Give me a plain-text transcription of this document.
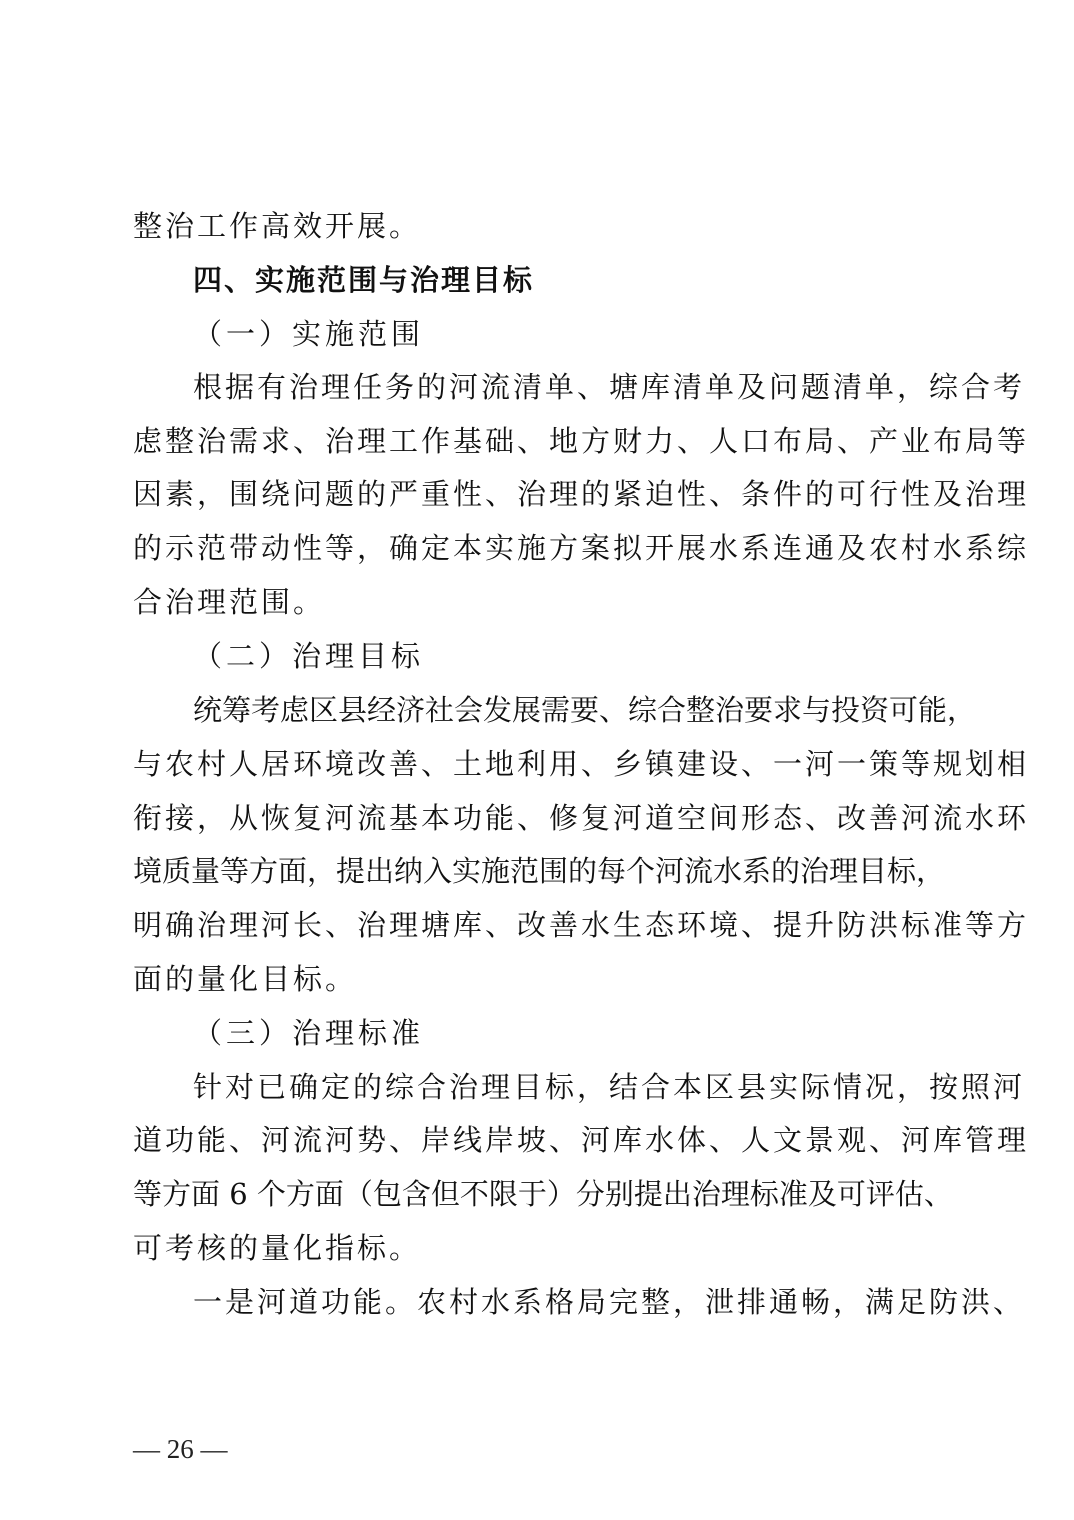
整治工作高效开展。
四、实施范围与治理目标
（一）实施范围
根据有治理任务的河流清单、塘库清单及问题清单，综合考
虑整治需求、治理工作基础、地方财力、人口布局、产业布局等
因素，围绕问题的严重性、治理的紧迫性、条件的可行性及治理
的示范带动性等，确定本实施方案拟开展水系连通及农村水系综
合治理范围。
（二）治理目标
统筹考虑区县经济社会发展需要、综合整治要求与投资可能，
与农村人居环境改善、土地利用、乡镇建设、一河一策等规划相
衔接，从恢复河流基本功能、修复河道空间形态、改善河流水环
境质量等方面，提出纳入实施范围的每个河流水系的治理目标，
明确治理河长、治理塘库、改善水生态环境、提升防洪标准等方
面的量化目标。
（三）治理标准
针对已确定的综合治理目标，结合本区县实际情况，按照河
道功能、河流河势、岸线岸坡、河库水体、人文景观、河库管理
等方面 6 个方面（包含但不限于）分别提出治理标准及可评估、
可考核的量化指标。
一是河道功能。农村水系格局完整，泄排通畅，满足防洪、
— 26 —
